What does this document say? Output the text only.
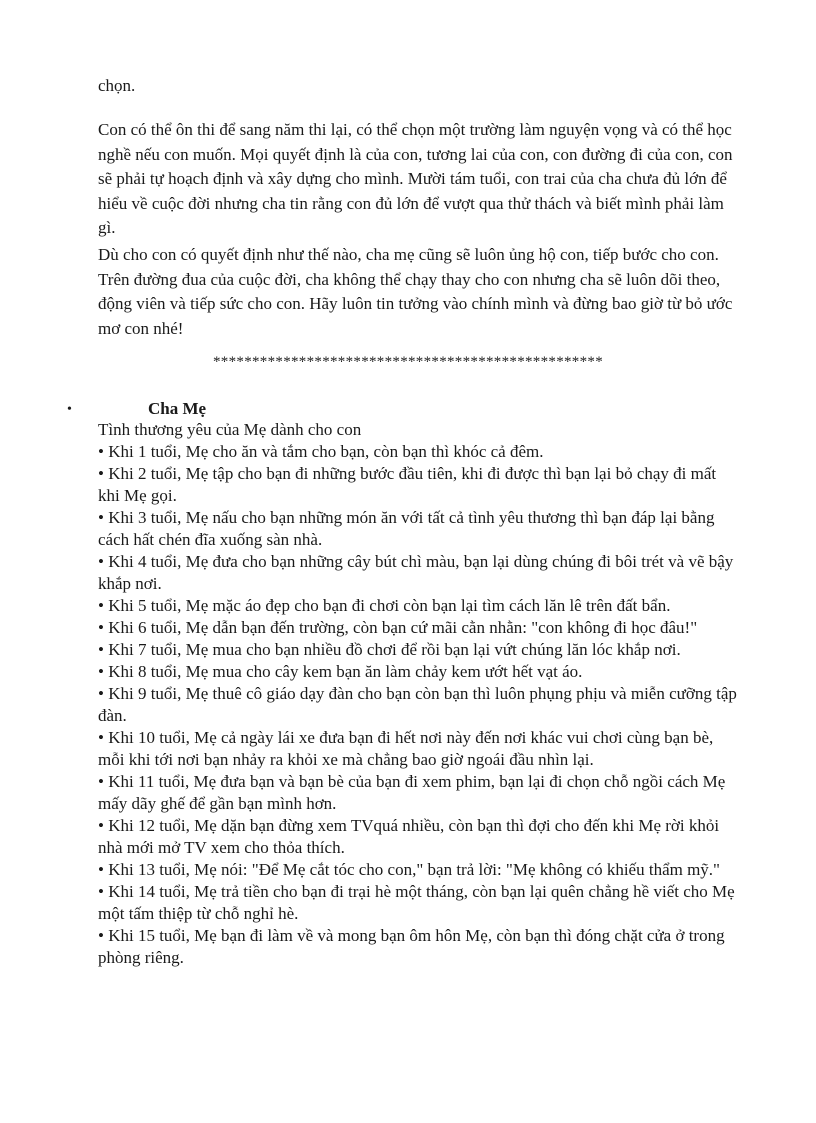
chọn.
Con có thể ôn thi để sang năm thi lại, có thể chọn một trường làm nguyện vọng và có thể học nghề nếu con muốn. Mọi quyết định là của con, tương lai của con, con đường đi của con, con sẽ phải tự hoạch định và xây dựng cho mình. Mười tám tuổi, con trai của cha chưa đủ lớn để hiểu về cuộc đời nhưng cha tin rằng con đủ lớn để vượt qua thử thách và biết mình phải làm gì.
Dù cho con có quyết định như thế nào, cha mẹ cũng sẽ luôn ủng hộ con, tiếp bước cho con. Trên đường đua của cuộc đời, cha không thể chạy thay cho con nhưng cha sẽ luôn dõi theo, động viên và tiếp sức cho con. Hãy luôn tin tưởng vào chính mình và đừng bao giờ từ bỏ ước mơ con nhé!
**************************************************
•	Cha Mẹ
Tình thương yêu của Mẹ dành cho con
• Khi 1 tuổi, Mẹ cho ăn và tắm cho bạn, còn bạn thì khóc cả đêm.
• Khi 2 tuổi, Mẹ tập cho bạn đi những bước đầu tiên, khi đi được thì bạn lại bỏ chạy đi mất khi Mẹ gọi.
• Khi 3 tuổi, Mẹ nấu cho bạn những món ăn với tất cả tình yêu thương thì bạn đáp lại bằng cách hất chén đĩa xuống sàn nhà.
• Khi 4 tuổi, Mẹ đưa cho bạn những cây bút chì màu, bạn lại dùng chúng đi bôi trét và vẽ bậy khắp nơi.
• Khi 5 tuổi, Mẹ mặc áo đẹp cho bạn đi chơi còn bạn lại tìm cách lăn lê trên đất bẩn.
• Khi 6 tuổi, Mẹ dẫn bạn đến trường, còn bạn cứ mãi cằn nhằn: "con không đi học đâu!"
• Khi 7 tuổi, Mẹ mua cho bạn nhiều đồ chơi để rồi bạn lại vứt chúng lăn lóc khắp nơi.
• Khi 8 tuổi, Mẹ mua cho cây kem bạn ăn làm chảy kem ướt hết vạt áo.
• Khi 9 tuổi, Mẹ thuê cô giáo dạy đàn cho bạn còn bạn thì luôn phụng phịu và miễn cưỡng tập đàn.
• Khi 10 tuổi, Mẹ cả ngày lái xe đưa bạn đi hết nơi này đến nơi khác vui chơi cùng bạn bè, mỗi khi tới nơi bạn nhảy ra khỏi xe mà chẳng bao giờ ngoái đầu nhìn lại.
• Khi 11 tuổi, Mẹ đưa bạn và bạn bè của bạn đi xem phim, bạn lại đi chọn chỗ ngồi cách Mẹ mấy dãy ghế để gần bạn mình hơn.
• Khi 12 tuổi, Mẹ dặn bạn đừng xem TVquá nhiều, còn bạn thì đợi cho đến khi Mẹ rời khỏi nhà mới mở TV xem cho thỏa thích.
• Khi 13 tuổi, Mẹ nói: "Để Mẹ cắt tóc cho con," bạn trả lời: "Mẹ không có khiếu thẩm mỹ."
• Khi 14 tuổi, Mẹ trả tiền cho bạn đi trại hè một tháng, còn bạn lại quên chẳng hề viết cho Mẹ một tấm thiệp từ chỗ nghỉ hè.
• Khi 15 tuổi, Mẹ bạn đi làm về và mong bạn ôm hôn Mẹ, còn bạn thì đóng chặt cửa ở trong phòng riêng.
